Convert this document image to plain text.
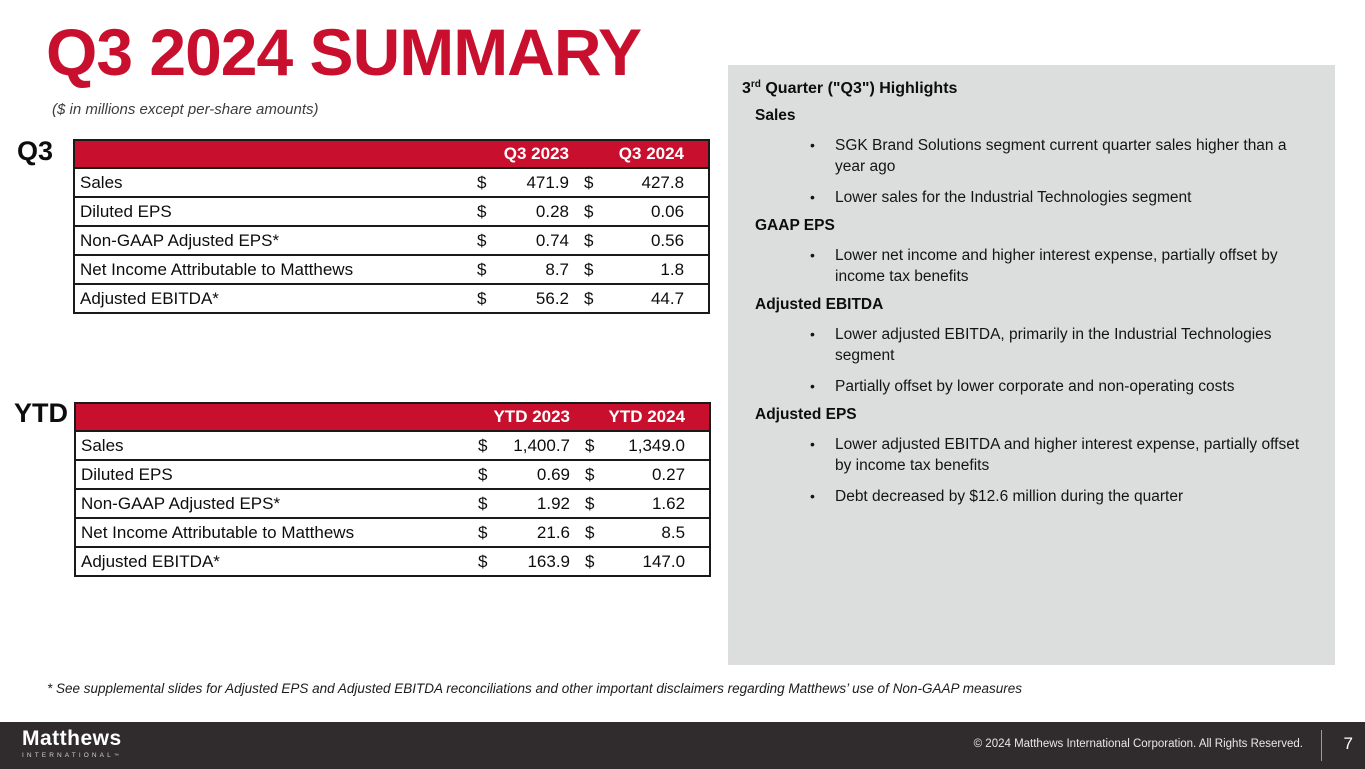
Q3 2024 SUMMARY
($ in millions except per-share amounts)
Q3
		Q3 2023		Q3 2024	
Sales	$	471.9	$	427.8
Diluted EPS	$	0.28	$	0.06
Non-GAAP Adjusted EPS*	$	0.74	$	0.56
Net Income Attributable to Matthews	$	8.7	$	1.8
Adjusted EBITDA*	$	56.2	$	44.7
YTD
		YTD 2023		YTD 2024	
Sales	$	1,400.7	$	1,349.0
Diluted EPS	$	0.69	$	0.27
Non-GAAP Adjusted EPS*	$	1.92	$	1.62
Net Income Attributable to Matthews	$	21.6	$	8.5
Adjusted EBITDA*	$	163.9	$	147.0
3rd Quarter ("Q3") Highlights
Sales
•	SGK Brand Solutions segment current quarter sales higher than a year ago
•	Lower sales for the Industrial Technologies segment
GAAP EPS
•	Lower net income and higher interest expense, partially offset by income tax benefits
Adjusted EBITDA
•	Lower adjusted EBITDA, primarily in the Industrial Technologies segment
•	Partially offset by lower corporate and non-operating costs
Adjusted EPS
•	Lower adjusted EBITDA and higher interest expense, partially offset by income tax benefits
•	Debt decreased by $12.6 million during the quarter
* See supplemental slides for Adjusted EPS and Adjusted EBITDA reconciliations and other important disclaimers regarding Matthews’ use of Non-GAAP measures
Matthews
INTERNATIONAL™
© 2024 Matthews International Corporation. All Rights Reserved. 7
